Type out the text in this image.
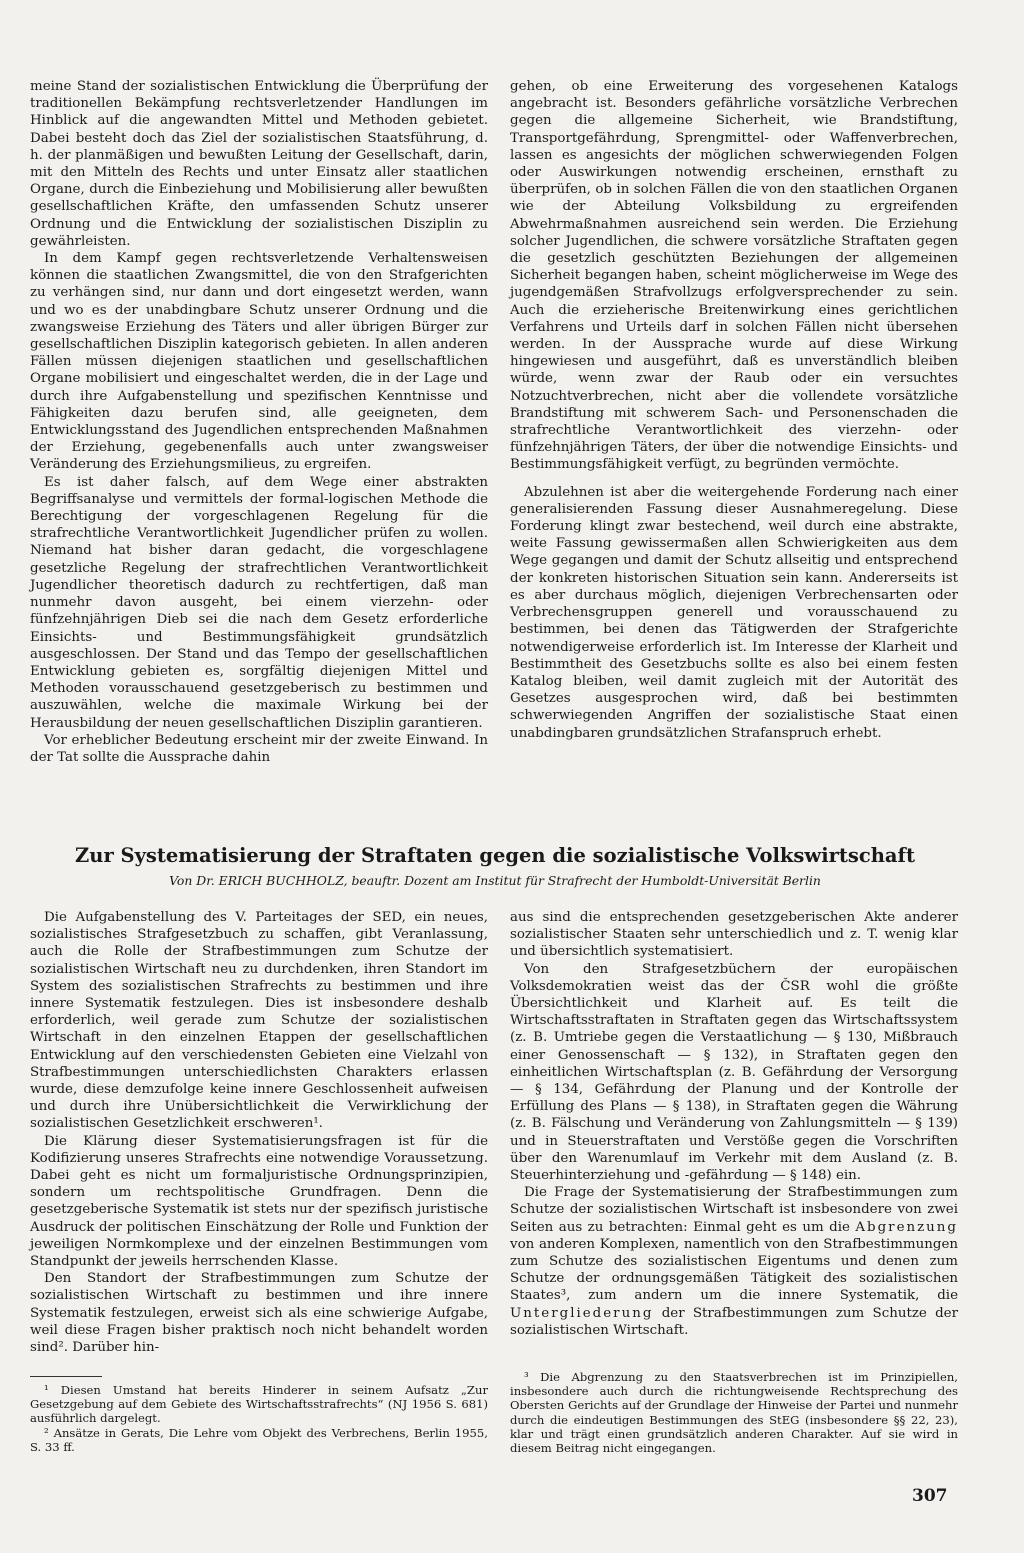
meine Stand der sozialistischen Entwicklung die Überprüfung der traditionellen Bekämpfung rechtsverletzender Handlungen im Hinblick auf die angewandten Mittel und Methoden gebietet. Dabei besteht doch das Ziel der sozialistischen Staatsführung, d. h. der planmäßigen und bewußten Leitung der Gesellschaft, darin, mit den Mitteln des Rechts und unter Einsatz aller staatlichen Organe, durch die Einbeziehung und Mobilisierung aller bewußten gesellschaftlichen Kräfte, den umfassenden Schutz unserer Ordnung und die Entwicklung der sozialistischen Disziplin zu gewährleisten.

In dem Kampf gegen rechtsverletzende Verhaltensweisen können die staatlichen Zwangsmittel, die von den Strafgerichten zu verhängen sind, nur dann und dort eingesetzt werden, wann und wo es der unabdingbare Schutz unserer Ordnung und die zwangsweise Erziehung des Täters und aller übrigen Bürger zur gesellschaftlichen Disziplin kategorisch gebieten. In allen anderen Fällen müssen diejenigen staatlichen und gesellschaftlichen Organe mobilisiert und eingeschaltet werden, die in der Lage und durch ihre Aufgabenstellung und spezifischen Kenntnisse und Fähigkeiten dazu berufen sind, alle geeigneten, dem Entwicklungsstand des Jugendlichen entsprechenden Maßnahmen der Erziehung, gegebenenfalls auch unter zwangsweiser Veränderung des Erziehungsmilieus, zu ergreifen.

Es ist daher falsch, auf dem Wege einer abstrakten Begriffsanalyse und vermittels der formal-logischen Methode die Berechtigung der vorgeschlagenen Regelung für die strafrechtliche Verantwortlichkeit Jugendlicher prüfen zu wollen. Niemand hat bisher daran gedacht, die vorgeschlagene gesetzliche Regelung der strafrechtlichen Verantwortlichkeit Jugendlicher theoretisch dadurch zu rechtfertigen, daß man nunmehr davon ausgeht, bei einem vierzehn- oder fünfzehnjährigen Dieb sei die nach dem Gesetz erforderliche Einsichts- und Bestimmungsfähigkeit grundsätzlich ausgeschlossen. Der Stand und das Tempo der gesellschaftlichen Entwicklung gebieten es, sorgfältig diejenigen Mittel und Methoden vorausschauend gesetzgeberisch zu bestimmen und auszuwählen, welche die maximale Wirkung bei der Herausbildung der neuen gesellschaftlichen Disziplin garantieren.

Vor erheblicher Bedeutung erscheint mir der zweite Einwand. In der Tat sollte die Aussprache dahin

gehen, ob eine Erweiterung des vorgesehenen Katalogs angebracht ist. Besonders gefährliche vorsätzliche Verbrechen gegen die allgemeine Sicherheit, wie Brandstiftung, Transportgefährdung, Sprengmittel- oder Waffenverbrechen, lassen es angesichts der möglichen schwerwiegenden Folgen oder Auswirkungen notwendig erscheinen, ernsthaft zu überprüfen, ob in solchen Fällen die von den staatlichen Organen wie der Abteilung Volksbildung zu ergreifenden Abwehrmaßnahmen ausreichend sein werden. Die Erziehung solcher Jugendlichen, die schwere vorsätzliche Straftaten gegen die gesetzlich geschützten Beziehungen der allgemeinen Sicherheit begangen haben, scheint möglicherweise im Wege des jugendgemäßen Strafvollzugs erfolgversprechender zu sein. Auch die erzieherische Breitenwirkung eines gerichtlichen Verfahrens und Urteils darf in solchen Fällen nicht übersehen werden. In der Aussprache wurde auf diese Wirkung hingewiesen und ausgeführt, daß es unverständlich bleiben würde, wenn zwar der Raub oder ein versuchtes Notzuchtverbrechen, nicht aber die vollendete vorsätzliche Brandstiftung mit schwerem Sach- und Personenschaden die strafrechtliche Verantwortlichkeit des vierzehn- oder fünfzehnjährigen Täters, der über die notwendige Einsichts- und Bestimmungsfähigkeit verfügt, zu begründen vermöchte.

Abzulehnen ist aber die weitergehende Forderung nach einer generalisierenden Fassung dieser Ausnahmeregelung. Diese Forderung klingt zwar bestechend, weil durch eine abstrakte, weite Fassung gewissermaßen allen Schwierigkeiten aus dem Wege gegangen und damit der Schutz allseitig und entsprechend der konkreten historischen Situation sein kann. Andererseits ist es aber durchaus möglich, diejenigen Verbrechensarten oder Verbrechensgruppen generell und vorausschauend zu bestimmen, bei denen das Tätigwerden der Strafgerichte notwendigerweise erforderlich ist. Im Interesse der Klarheit und Bestimmtheit des Gesetzbuchs sollte es also bei einem festen Katalog bleiben, weil damit zugleich mit der Autorität des Gesetzes ausgesprochen wird, daß bei bestimmten schwerwiegenden Angriffen der sozialistische Staat einen unabdingbaren grundsätzlichen Strafanspruch erhebt.

Zur Systematisierung der Straftaten gegen die sozialistische Volkswirtschaft
Von Dr. ERICH BUCHHOLZ, beauftr. Dozent am Institut für Strafrecht der Humboldt-Universität Berlin

Die Aufgabenstellung des V. Parteitages der SED, ein neues, sozialistisches Strafgesetzbuch zu schaffen, gibt Veranlassung, auch die Rolle der Strafbestimmungen zum Schutze der sozialistischen Wirtschaft neu zu durchdenken, ihren Standort im System des sozialistischen Strafrechts zu bestimmen und ihre innere Systematik festzulegen. Dies ist insbesondere deshalb erforderlich, weil gerade zum Schutze der sozialistischen Wirtschaft in den einzelnen Etappen der gesellschaftlichen Entwicklung auf den verschiedensten Gebieten eine Vielzahl von Strafbestimmungen unterschiedlichsten Charakters erlassen wurde, diese demzufolge keine innere Geschlossenheit aufweisen und durch ihre Unübersichtlichkeit die Verwirklichung der sozialistischen Gesetzlichkeit erschweren¹.

Die Klärung dieser Systematisierungsfragen ist für die Kodifizierung unseres Strafrechts eine notwendige Voraussetzung. Dabei geht es nicht um formaljuristische Ordnungsprinzipien, sondern um rechtspolitische Grundfragen. Denn die gesetzgeberische Systematik ist stets nur der spezifisch juristische Ausdruck der politischen Einschätzung der Rolle und Funktion der jeweiligen Normkomplexe und der einzelnen Bestimmungen vom Standpunkt der jeweils herrschenden Klasse.

Den Standort der Strafbestimmungen zum Schutze der sozialistischen Wirtschaft zu bestimmen und ihre innere Systematik festzulegen, erweist sich als eine schwierige Aufgabe, weil diese Fragen bisher praktisch noch nicht behandelt worden sind². Darüber hin-

aus sind die entsprechenden gesetzgeberischen Akte anderer sozialistischer Staaten sehr unterschiedlich und z. T. wenig klar und übersichtlich systematisiert.

Von den Strafgesetzbüchern der europäischen Volksdemokratien weist das der ČSR wohl die größte Übersichtlichkeit und Klarheit auf. Es teilt die Wirtschaftsstraftaten in Straftaten gegen das Wirtschaftssystem (z. B. Umtriebe gegen die Verstaatlichung — § 130, Mißbrauch einer Genossenschaft — § 132), in Straftaten gegen den einheitlichen Wirtschaftsplan (z. B. Gefährdung der Versorgung — § 134, Gefährdung der Planung und der Kontrolle der Erfüllung des Plans — § 138), in Straftaten gegen die Währung (z. B. Fälschung und Veränderung von Zahlungsmitteln — § 139) und in Steuerstraftaten und Verstöße gegen die Vorschriften über den Warenumlauf im Verkehr mit dem Ausland (z. B. Steuerhinterziehung und -gefährdung — § 148) ein.

Die Frage der Systematisierung der Strafbestimmungen zum Schutze der sozialistischen Wirtschaft ist insbesondere von zwei Seiten aus zu betrachten: Einmal geht es um die Abgrenzung von anderen Komplexen, namentlich von den Strafbestimmungen zum Schutze des sozialistischen Eigentums und denen zum Schutze der ordnungsgemäßen Tätigkeit des sozialistischen Staates³, zum andern um die innere Systematik, die Untergliederung der Strafbestimmungen zum Schutze der sozialistischen Wirtschaft.

¹ Diesen Umstand hat bereits Hinderer in seinem Aufsatz „Zur Gesetzgebung auf dem Gebiete des Wirtschaftsstrafrechts“ (NJ 1956 S. 681) ausführlich dargelegt.

² Ansätze in Gerats, Die Lehre vom Objekt des Verbrechens, Berlin 1955, S. 33 ff.

³ Die Abgrenzung zu den Staatsverbrechen ist im Prinzipiellen, insbesondere auch durch die richtungweisende Rechtsprechung des Obersten Gerichts auf der Grundlage der Hinweise der Partei und nunmehr durch die eindeutigen Bestimmungen des StEG (insbesondere §§ 22, 23), klar und trägt einen grundsätzlich anderen Charakter. Auf sie wird in diesem Beitrag nicht eingegangen.

307
